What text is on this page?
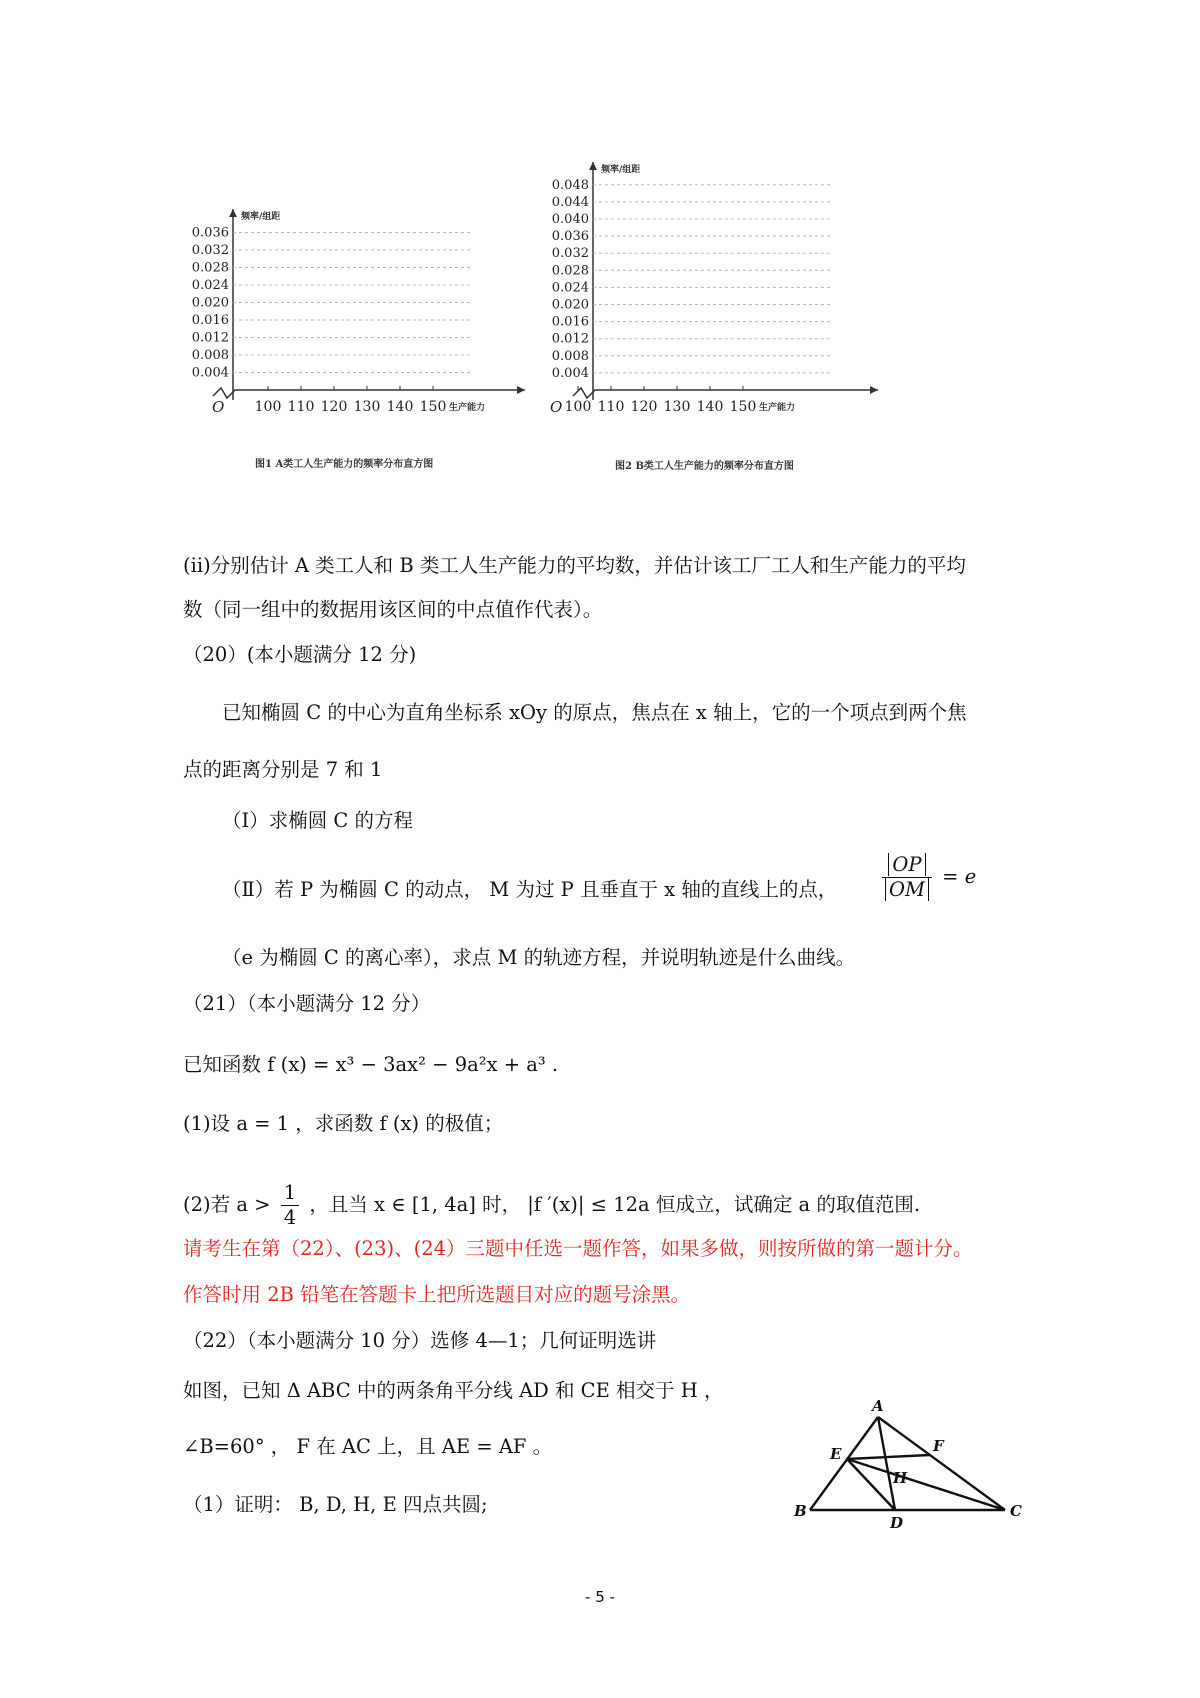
频率/组距
O
0.004
0.008
0.012
0.016
0.020
0.024
0.028
0.032
0.036
100 110 120 130 140 150 生产能力
图1 A类工人生产能力的频率分布直方图
频率/组距
O
0.004
0.008
0.012
0.016
0.020
0.024
0.028
0.032
0.036
0.040
0.044
0.048
100 110 120 130 140 150 生产能力
图2 B类工人生产能力的频率分布直方图
(ii)分别估计 A 类工人和 B 类工人生产能力的平均数，并估计该工厂工人和生产能力的平均
数（同一组中的数据用该区间的中点值作代表）。
（20）(本小题满分 12 分)
已知椭圆 C 的中心为直角坐标系 xOy 的原点，焦点在 x 轴上，它的一个项点到两个焦
点的距离分别是 7 和 1
（Ⅰ）求椭圆 C 的方程
（Ⅱ）若 P 为椭圆 C 的动点， M 为过 P 且垂直于 x 轴的直线上的点， $\frac{OP}{OM} = e$
（e 为椭圆 C 的离心率），求点 M 的轨迹方程，并说明轨迹是什么曲线。
（21）（本小题满分 12 分）
已知函数 f (x) = x³ − 3ax² − 9a²x + a³ .
(1)设 a = 1 ，求函数 f (x) 的极值；
(2)若 $a > \frac{1}{4}$ ，且当 x ∈ [1, 4a] 时， |f ′(x)| ≤ 12a 恒成立，试确定 a 的取值范围.
请考生在第（22）、(23)、(24）三题中任选一题作答，如果多做，则按所做的第一题计分。
作答时用 2B 铅笔在答题卡上把所选题目对应的题号涂黑。
（22）（本小题满分 10 分）选修 4—1；几何证明选讲
如图，已知 Δ ABC 中的两条角平分线 AD 和 CE 相交于 H ，
∠B=60° ， F 在 AC 上，且 AE = AF 。
（1）证明： B, D, H, E 四点共圆;
A
B	C
D
E	F
H
- 5 -
